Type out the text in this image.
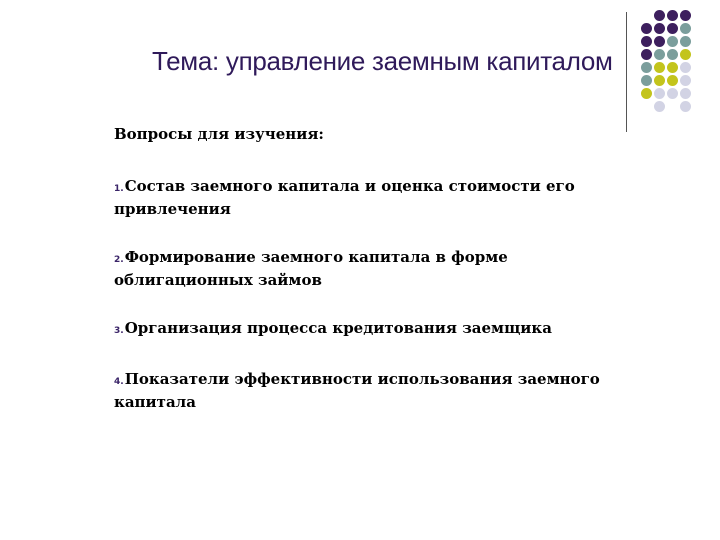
Тема: управление заемным капиталом
Вопросы для изучения:
1.Состав заемного капитала и оценка стоимости его привлечения
2.Формирование заемного капитала в форме облигационных займов
3.Организация процесса кредитования заемщика
4.Показатели эффективности использования заемного капитала
